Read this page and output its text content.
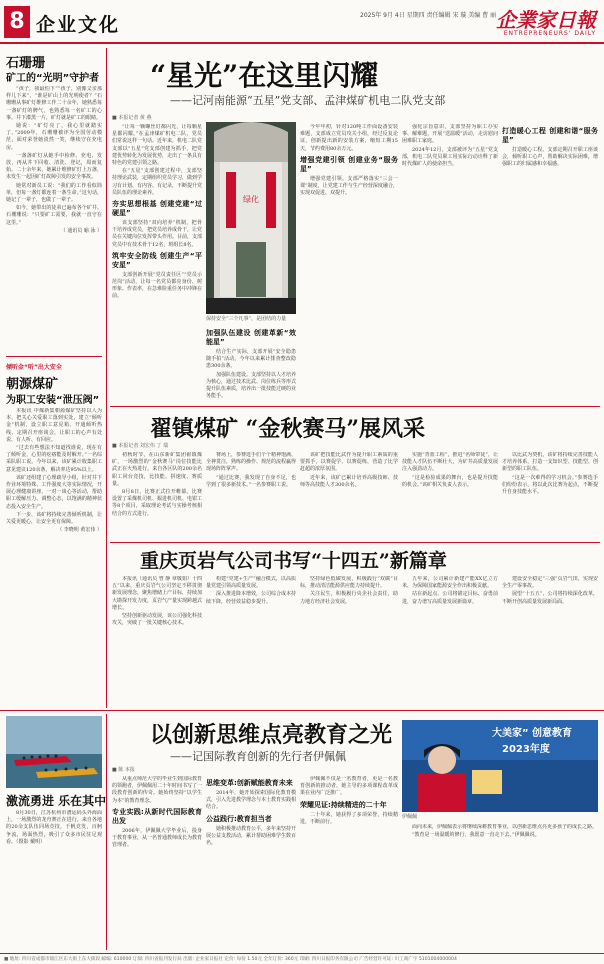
8 企业文化	2025年 9月 4日 星期四 责任编辑 宋 璇 美编 曹 丽 企業家日報
ENTREPRENEURS' DAILY
石珊珊
矿工的“光明”守护者

“孩子，我最怕下”“孩子，别像父亲那样儿下来”，“谁是矿山上的光明使者？”石珊珊从事矿灯维修工作二十余年，她熟悉每一盏矿灯的脾气，也熟悉每一名矿工的心事。井下漆黑一片，矿灯就是矿工的眼睛。

她说：“矿灯亮了，我心里就踏实了。”2009年，石珊珊被评为全国劳动模范，面对荣誉她淡然一笑，继续守在充电房。

一盏盏矿灯从她手中检修、充电、发放，再从井下回收、清洗、登记，周而复始。二十余年来，她累计维修矿灯上万盏，未发生一起因矿灯故障引发的安全事故。

她常对新员工说：“我们的工作看似简单，但每一盏灯都连着一条生命。”这句话，她记了一辈子，也做了一辈子。

如今，她带出的徒弟已遍布各个矿井。石珊珊说：“只要矿工需要，我就一直守在这里。”

（ 通讯员 喻 泳 ）

倾听金“听”出大安全
朝源煤矿
为职工安装“泄压阀”

本报讯 中煤新集朝源煤矿坚持以人为本，把关心关爱职工落到实处，建立“倾听金”机制，设立职工意见箱、开通倾听热线、定期召开座谈会，让职工的心声有处说、有人听、有回应。

“过去有些想法不知道找谁说，现在有了倾听金，心里的疙瘩能及时解开。”一名综采队职工说。今年以来，该矿累计收集职工意见建议120余条，解决率达95%以上。

该矿还组建了心理疏导小组，针对井下作业环境特殊、工作强度大等实际情况，开展心理健康讲座、一对一谈心等活动，帮助职工缓解压力、调整心态，以饱满的精神状态投入安全生产。

下一步，该矿将持续完善倾听机制，让关爱更暖心，让安全更有保障。

（ 李晓明 黄宏伟 ）

“星光”在这里闪耀
——记河南能源“五星”党支部、孟津煤矿机电二队党支部
■ 本报记者 黄 燕

“让每一颗螺丝钉都闪光，让每颗星星都闪耀。”在孟津煤矿机电二队，党员们常说这样一句话。近年来，机电二队党支部以“五星”党支部创建为抓手，把党建优势转化为发展优势，走出了一条具有特色的党建引领之路。

在“五星”支部创建过程中，支部坚持理论武装，定期组织党员学习，做到学习有计划、有内容、有记录，不断提升党员队伍的理论素养。

夯实思想根基 创建党建“过硬星”

该支部坚持“双向培养”机制，把骨干培养成党员，把党员培养成骨干，让党员在关键岗位发挥带头作用。目前，支部党员中有技术骨干12名，班组长8名。

筑牢安全防线 创建生产“平安星”

支部创新开展“党员责任区”“党员示范岗”活动，让每一名党员都亮身份、树形象、作表率，在急难险重任务中冲锋在前。

绿化
保持安全“三个凡事”，是团结的力量
加强队伍建设 创建革新“效能星”

结合生产实际，支部开展“安全隐患随手拍”活动，今年以来累计排查整改隐患300余条。

加强队伍建设。支部坚持以人才培养为核心，通过技术比武、岗位练兵等形式提升队伍素质，培养出一批技能过硬的业务能手。

今年年初，针对120吨工作面设备安装难题，支部成立党员攻关小组，经过反复论证，创新提出新的安装方案，缩短工期15天，节约费用80余万元。

增强党建引领 创建业务“服务星”

增强党建引领。支部严格落实“三会一课”制度，让党建工作与生产经营深度融合，实现双促进、双提升。

强化宗旨意识，支部坚持为职工办实事、解难题，开展“送温暖”活动，走访慰问困难职工家庭。

2024年12月，支部被评为“五星”党支部，机电二队党员职工用实际行动诠释了新时代煤矿人的使命担当。

打造暖心工程 创建和谐“服务星”

打造暖心工程。支部定期召开职工座谈会，倾听职工心声，帮助解决实际困难，增强职工的归属感和幸福感。

翟镇煤矿 “金秋赛马”展风采
■ 本报记者 刘宏伟 丁 瑞

初秋时节，在山东新矿集团翟镇煤矿，一场激烈的“金秋赛马”岗位技能比武正在火热进行。来自各区队的200余名职工同台竞技，比技能、拼速度、赛质量。

8月8日，比赛正式拉开帷幕。比赛设置了采煤机司机、掘进机司机、电钳工等8个项目，采取理论考试与实操考核相结合的方式进行。

赛场上，参赛选手们个个精神饱满、全神贯注，熟练的操作、规范的流程赢得现场阵阵掌声。

“通过比赛，我发现了自身不足，也学到了很多新技术。”一名参赛职工说。

该矿把技能比武作为提升职工素质的重要抓手，以赛促学、以赛促练，营造了比学赶超的浓厚氛围。

近年来，该矿已累计培养高级技师、技师等高技能人才300余名。

实施“青蓝工程”，推进“名师带徒”，让技能人才队伍不断壮大，为矿井高质量发展注入强劲动力。

“这是检验成果的舞台，也是提升技能的机会。”该矿相关负责人表示。

以比武为契机，该矿将持续完善技能人才培养体系，打造一支知识型、技能型、创新型的职工队伍。

“这是一次难得的学习机会。”参赛选手们纷纷表示，将以此次比赛为起点，不断提升自身技能水平。

重庆页岩气公司书写“十四五”新篇章

本报讯（通讯员 曾 静 章敬娟）十四五”以来，重庆页岩气公司坚定不移贯彻新发展理念，聚焦增储上产目标，持续加大勘探开发力度，页岩气产量实现跨越式增长。

坚持创新驱动发展，该公司强化科技攻关，突破了一批关键核心技术。

构建“党建+生产”融合模式，以高质量党建引领高质量发展。

深入推进降本增效，公司综合成本持续下降，经营效益稳步提升。

坚持绿色低碳发展，积极践行“双碳”目标，推动清洁能源供应能力持续提升。

关注民生，积极履行央企社会责任，助力地方经济社会发展。

五年来，公司累计新建产能XX亿立方米，为保障国家能源安全作出积极贡献。

站在新起点，公司将锚定目标、奋勇前进，奋力谱写高质量发展新篇章。

建设安全稳定“三强”页岩气田，实现安全生产零事故。

展望“十五五”，公司将持续深化改革，不断开创高质量发展新局面。

激流勇进 乐在其中

8月30日，江苏杭州市漕运码头外海面上，一场激烈的龙舟赛正在进行。来自各地的20余支队伍同场竞技，千帆竞发，百舸争流，场面热烈，吸引了众多市民驻足观看。（摄影 戴明）

以创新思维点亮教育之光
——记国际教育创新的先行者伊佩佩
■ 陈 本报

从重点师范大学的毕业生到国际教育的领跑者，伊佩佩用二十年时间书写了一段教育创新的传奇。她始终坚持“以学生为本”的教育理念。

专业实践:从新时代国际教育出发

2006年，伊佩佩大学毕业后，投身于教育事业，从一名普通教师成长为教育管理者。

思维变革:创新赋能教育未来

2014年，她开始探索国际化教育模式，引入先进教学理念与本土教育实践相结合。

公益践行:教育担当者

她积极推动教育公平，多年来坚持开展公益支教活动，累计帮助困难学生数百名。

伊佩佩不仅是一名教育者，更是一名教育创新的推动者。她主导的多项课程改革成果在业内广泛推广。

荣耀见证:持续精进的二十年

二十年来，她获得了多项荣誉，持续精进，不断前行。

大美家” 创意教育
2023年度
伊佩佩

面向未来，伊佩佩表示将继续深耕教育事业，以创新思维点亮更多孩子的成长之路。

“教育是一场温暖的修行，我愿意一直走下去。”伊佩佩说。

■ 地址: 四川省成都市锦江区东大街上东大街段 邮编: 610000 订阅: 四川省报刊发行局 出版: 企业家日报社 定价: 每份 1.50元 全年订价: 360元 印刷: 四川日报印务有限公司 广告经营许可证: 川工商广字 5101004000004
